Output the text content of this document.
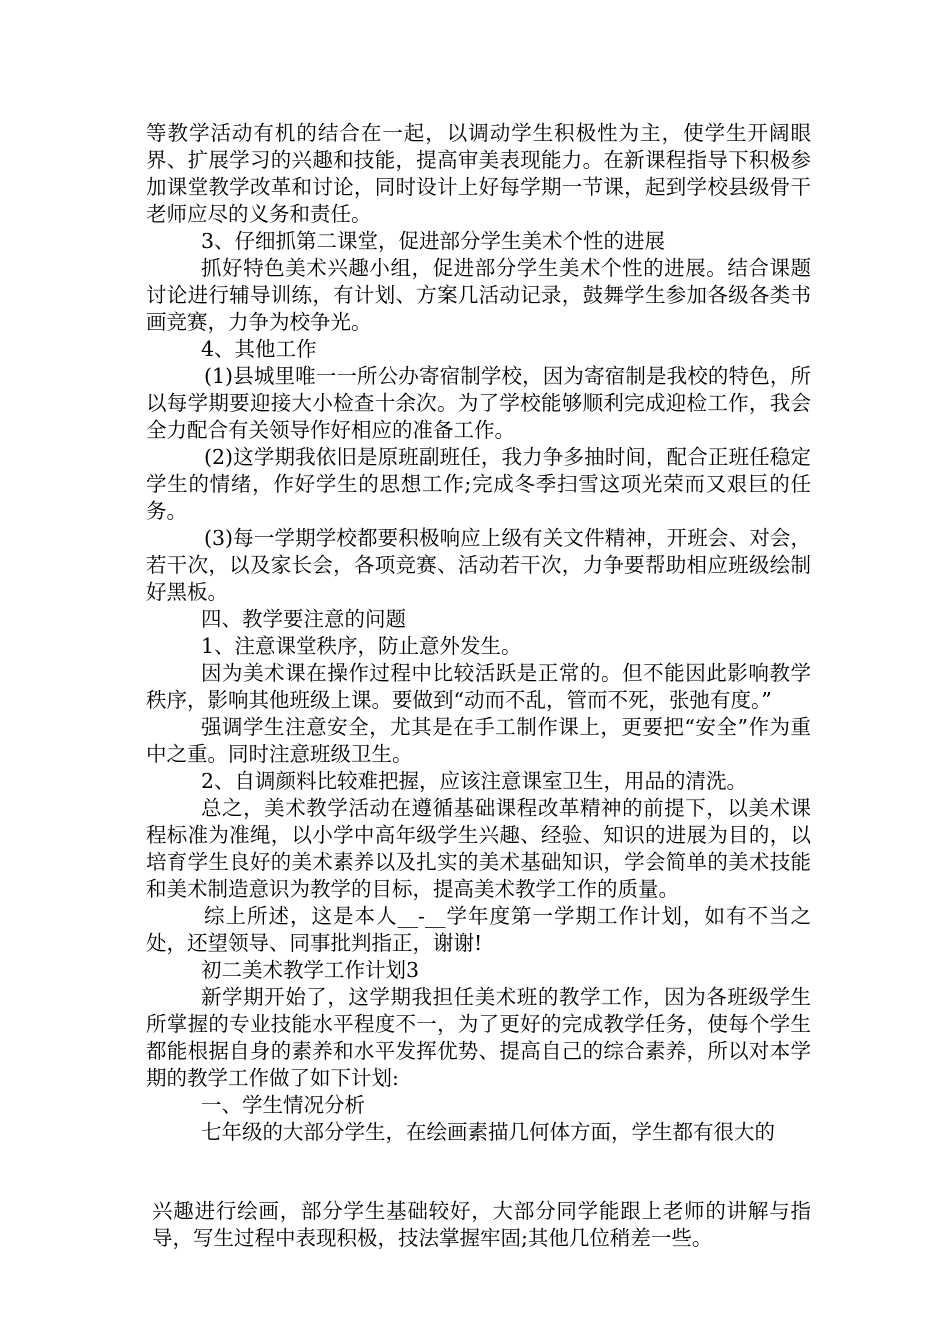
等教学活动有机的结合在一起，以调动学生积极性为主，使学生开阔眼界、扩展学习的兴趣和技能，提高审美表现能力。在新课程指导下积极参加课堂教学改革和讨论，同时设计上好每学期一节课，起到学校县级骨干老师应尽的义务和责任。

3、仔细抓第二课堂，促进部分学生美术个性的进展

抓好特色美术兴趣小组，促进部分学生美术个性的进展。结合课题讨论进行辅导训练，有计划、方案几活动记录，鼓舞学生参加各级各类书画竞赛，力争为校争光。

4、其他工作

(1)县城里唯一一所公办寄宿制学校，因为寄宿制是我校的特色，所以每学期要迎接大小检查十余次。为了学校能够顺利完成迎检工作，我会全力配合有关领导作好相应的准备工作。

(2)这学期我依旧是原班副班任，我力争多抽时间，配合正班任稳定学生的情绪，作好学生的思想工作;完成冬季扫雪这项光荣而又艰巨的任务。

(3)每一学期学校都要积极响应上级有关文件精神，开班会、对会，若干次，以及家长会，各项竞赛、活动若干次，力争要帮助相应班级绘制好黑板。

四、教学要注意的问题

1、注意课堂秩序，防止意外发生。

因为美术课在操作过程中比较活跃是正常的。但不能因此影响教学秩序，影响其他班级上课。要做到“动而不乱，管而不死，张弛有度。”

强调学生注意安全，尤其是在手工制作课上，更要把“安全”作为重中之重。同时注意班级卫生。

2、自调颜料比较难把握，应该注意课室卫生，用品的清洗。

总之，美术教学活动在遵循基础课程改革精神的前提下，以美术课程标准为准绳，以小学中高年级学生兴趣、经验、知识的进展为目的，以培育学生良好的美术素养以及扎实的美术基础知识，学会简单的美术技能和美术制造意识为教学的目标，提高美术教学工作的质量。

综上所述，这是本人__-__学年度第一学期工作计划，如有不当之处，还望领导、同事批判指正，谢谢!

初二美术教学工作计划3

新学期开始了，这学期我担任美术班的教学工作，因为各班级学生所掌握的专业技能水平程度不一，为了更好的完成教学任务，使每个学生都能根据自身的素养和水平发挥优势、提高自己的综合素养，所以对本学期的教学工作做了如下计划:

一、学生情况分析

七年级的大部分学生，在绘画素描几何体方面，学生都有很大的

兴趣进行绘画，部分学生基础较好，大部分同学能跟上老师的讲解与指导，写生过程中表现积极，技法掌握牢固;其他几位稍差一些。
